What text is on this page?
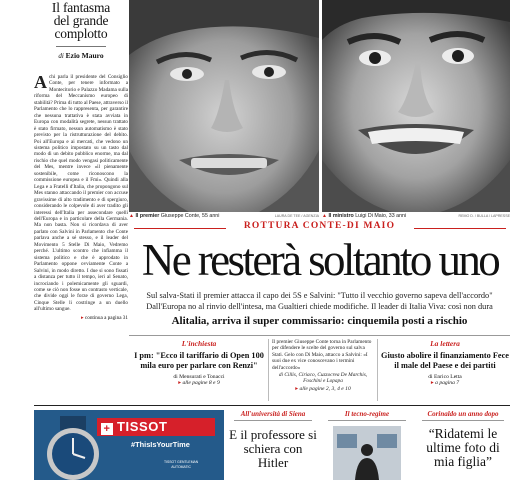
Il fantasma
del grande
complotto
di Ezio Mauro
A chi parla il presidente del Consiglio Conte, per tenere informato a Montecitorio e Palazzo Madama sulla riforma del Meccanismo europeo di stabilità? Prima di tutto al Paese, attraverso il Parlamento che lo rappresenta, per garantire che nessuna trattativa è stata avviata in Europa con modalità segrete, nessun trattato è stato firmato, nessun automatismo è stato previsto per la ristrutturazione del debito. Poi all'Europa e ai mercati, che vedono un sistema politico impostato su un tasto dal modo di un debito pubblico enorme, ma dal rischio che quel modo vengasi politicamente del Mes, mentre invece «il pienamente sostenibile, come riconoscono la commissione europea e il Fmi». Quindi alla Lega e a Fratelli d'Italia, che propongono sul Mes stanno attaccando il premier con accuse gravissime di alto tradimento e di spergiuro, considerando le colpevole di aver tradito gli interessi dell'Italia per assecondare quelli dell'Europa e in particolare della Germania. Ma non basta. Non si ricordava di aver parlato con Salvini in Parlamento che Conte parlava anche a sé stesso, e il leader del Movimento 5 Stelle Di Maio, Vedremo perché. L'ultimo scontro che infiamma il sistema politico e che è approdato in Parlamento oppone ovviamente Conte a Salvini, in modo diretto. I due si sono fissati a distanza per tutto il tempo, ieri al Senato, incrociando i polemicamente gli sguardi, come se ciò non fosse un contrasto verticale, che divide oggi le forze di governo Lega, Cinque Stelle li costringe a un duello all'ultimo sangue.
▸ continua a pagina 31
▲ Il premier Giuseppe Conte, 55 anni	LAURA DE TEE / AGENZIA ▲ Il ministro Luigi Di Maio, 33 anni	REMO D. / BULLA / LAPRESSE
ROTTURA CONTE-DI MAIO
Ne resterà soltanto uno
Sul salva-Stati il premier attacca il capo dei 5S e Salvini: "Tutto il vecchio governo sapeva dell'accordo"
Dall'Europa no al rinvio dell'intesa, ma Gualtieri chiede modifiche. Il leader di Italia Viva: così non dura
Alitalia, arriva il super commissario: cinquemila posti a rischio
L'inchiesta
I pm: "Ecco il tariffario di Open 100 mila euro per parlare con Renzi"
di Mensurati e Tonacci
▸ alle pagine 8 e 9
Il premier Giuseppe Conte torna in Parlamento per difendere le scelte del governo sul salva Stati. Gelo con Di Maio, attacco a Salvini: «I suoi due ex vice conoscevano i termini dell'accordo»
di Cillis, Ciriaco, Cuzzocrea De Marchis, Foschini e Lopapa
▸ alle pagine 2, 3, 4 e 10
La lettera
Giusto abolire il finanziamento Fece il male del Paese e dei partiti
di Enrico Letta
▸ a pagina 7
+ TISSOT
#ThisIsYourTime
TISSOT GENTLEMAN
AUTOMATIC
All'università di Siena
E il professore si schiera con Hitler
Il tecno-regime	Corinaldo un anno dopo
“Ridatemi le ultime foto di mia figlia”
